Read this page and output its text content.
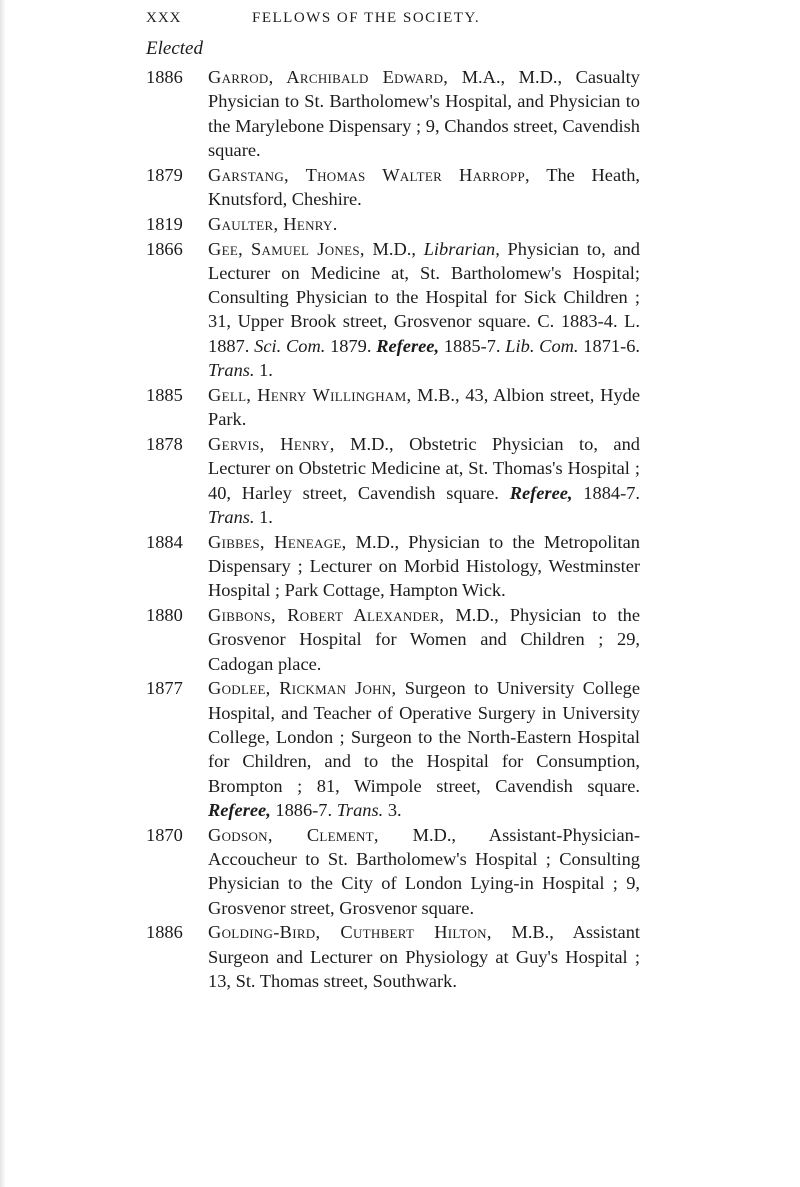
XXX	FELLOWS OF THE SOCIETY.
Elected
1886 Garrod, Archibald Edward, M.A., M.D., Casualty Physician to St. Bartholomew's Hospital, and Physician to the Marylebone Dispensary ; 9, Chandos street, Cavendish square.
1879 Garstang, Thomas Walter Harropp, The Heath, Knutsford, Cheshire.
1819 Gaulter, Henry.
1866 Gee, Samuel Jones, M.D., Librarian, Physician to, and Lecturer on Medicine at, St. Bartholomew's Hospital; Consulting Physician to the Hospital for Sick Children ; 31, Upper Brook street, Grosvenor square. C. 1883-4. L. 1887. Sci. Com. 1879. Referee, 1885-7. Lib. Com. 1871-6. Trans. 1.
1885 Gell, Henry Willingham, M.B., 43, Albion street, Hyde Park.
1878 Gervis, Henry, M.D., Obstetric Physician to, and Lecturer on Obstetric Medicine at, St. Thomas's Hospital ; 40, Harley street, Cavendish square. Referee, 1884-7. Trans. 1.
1884 Gibbes, Heneage, M.D., Physician to the Metropolitan Dispensary ; Lecturer on Morbid Histology, Westminster Hospital ; Park Cottage, Hampton Wick.
1880 Gibbons, Robert Alexander, M.D., Physician to the Grosvenor Hospital for Women and Children ; 29, Cadogan place.
1877 Godlee, Rickman John, Surgeon to University College Hospital, and Teacher of Operative Surgery in University College, London ; Surgeon to the North-Eastern Hospital for Children, and to the Hospital for Consumption, Brompton ; 81, Wimpole street, Cavendish square. Referee, 1886-7. Trans. 3.
1870 Godson, Clement, M.D., Assistant-Physician-Accoucheur to St. Bartholomew's Hospital ; Consulting Physician to the City of London Lying-in Hospital ; 9, Grosvenor street, Grosvenor square.
1886 Golding-Bird, Cuthbert Hilton, M.B., Assistant Surgeon and Lecturer on Physiology at Guy's Hospital ; 13, St. Thomas street, Southwark.
